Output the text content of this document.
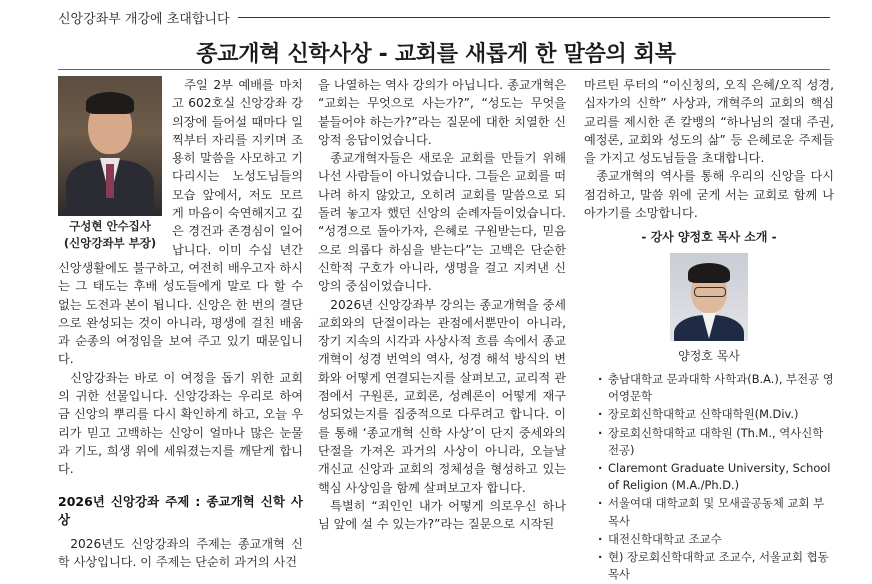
신앙강좌부 개강에 초대합니다
종교개혁 신학사상 - 교회를 새롭게 한 말씀의 회복
구성현 안수집사
(신앙강좌부 부장)

주일 2부 예배를 마치고 602호실 신앙강좌 강의장에 들어설 때마다 일찍부터 자리를 지키며 조용히 말씀을 사모하고 기다리시는 노성도님들의 모습 앞에서, 저도 모르게 마음이 숙연해지고 깊은 경건과 존경심이 일어납니다. 이미 수십 년간 신앙생활에도 불구하고, 여전히 배우고자 하시는 그 태도는 후배 성도들에게 말로 다 할 수 없는 도전과 본이 됩니다. 신앙은 한 번의 결단으로 완성되는 것이 아니라, 평생에 걸친 배움과 순종의 여정임을 보여 주고 있기 때문입니다.

신앙강좌는 바로 이 여정을 돕기 위한 교회의 귀한 선물입니다. 신앙강좌는 우리로 하여금 신앙의 뿌리를 다시 확인하게 하고, 오늘 우리가 믿고 고백하는 신앙이 얼마나 많은 눈물과 기도, 희생 위에 세워졌는지를 깨닫게 합니다.

2026년 신앙강좌 주제 : 종교개혁 신학 사상

2026년도 신앙강좌의 주제는 종교개혁 신학 사상입니다. 이 주제는 단순히 과거의 사건

을 나열하는 역사 강의가 아닙니다. 종교개혁은 “교회는 무엇으로 사는가?”, “성도는 무엇을 붙들어야 하는가?”라는 질문에 대한 치열한 신앙적 응답이었습니다.

종교개혁자들은 새로운 교회를 만들기 위해 나선 사람들이 아니었습니다. 그들은 교회를 떠나려 하지 않았고, 오히려 교회를 말씀으로 되돌려 놓고자 했던 신앙의 순례자들이었습니다. “성경으로 돌아가자, 은혜로 구원받는다, 믿음으로 의롭다 하심을 받는다”는 고백은 단순한 신학적 구호가 아니라, 생명을 걸고 지켜낸 신앙의 중심이었습니다.

2026년 신앙강좌부 강의는 종교개혁을 중세 교회와의 단절이라는 관점에서뿐만이 아니라, 장기 지속의 시각과 사상사적 흐름 속에서 종교개혁이 성경 번역의 역사, 성경 해석 방식의 변화와 어떻게 연결되는지를 살펴보고, 교리적 관점에서 구원론, 교회론, 성례론이 어떻게 재구성되었는지를 집중적으로 다루려고 합니다. 이를 통해 ‘종교개혁 신학 사상’이 단지 중세와의 단절을 가져온 과거의 사상이 아니라, 오늘날 개신교 신앙과 교회의 정체성을 형성하고 있는 핵심 사상임을 함께 살펴보고자 합니다.

특별히 “죄인인 내가 어떻게 의로우신 하나님 앞에 설 수 있는가?”라는 질문으로 시작된

마르틴 루터의 “이신칭의, 오직 은혜/오직 성경, 십자가의 신학” 사상과, 개혁주의 교회의 핵심 교리를 제시한 존 칼뱅의 “하나님의 절대 주권, 예정론, 교회와 성도의 삶” 등 은혜로운 주제들을 가지고 성도님들을 초대합니다.

종교개혁의 역사를 통해 우리의 신앙을 다시 점검하고, 말씀 위에 굳게 서는 교회로 함께 나아가기를 소망합니다.

- 강사 양정호 목사 소개 -

양정호 목사

· 충남대학교 문과대학 사학과(B.A.), 부전공 영어영문학
· 장로회신학대학교 신학대학원(M.Div.)
· 장로회신학대학교 대학원 (Th.M., 역사신학전공)
· Claremont Graduate University, School of Religion (M.A./Ph.D.)
· 서울여대 대학교회 및 모새골공동체 교회 부목사
· 대전신학대학교 조교수
· 현) 장로회신학대학교 조교수, 서울교회 협동목사
